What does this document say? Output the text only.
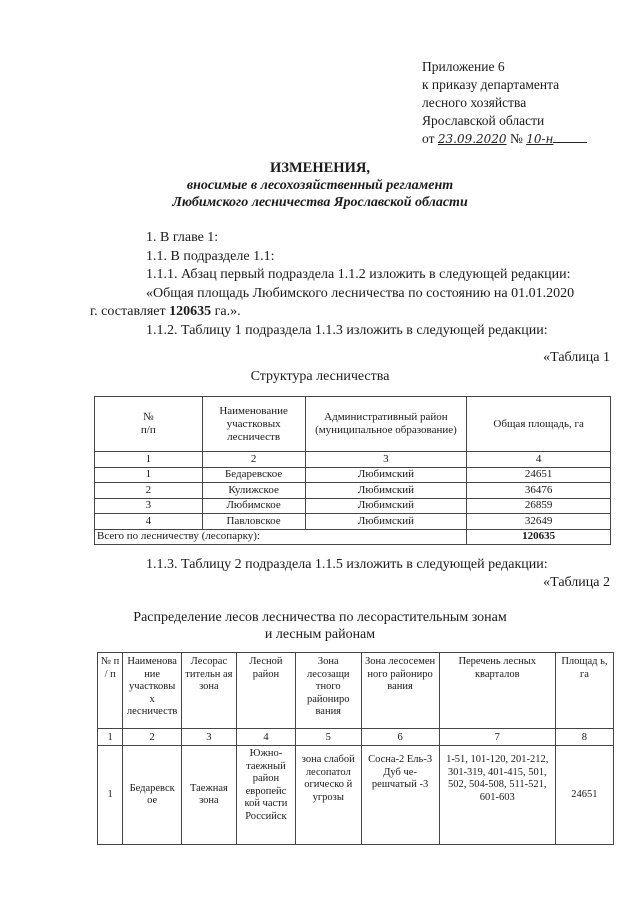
Приложение 6
к приказу департамента
лесного хозяйства
Ярославской области
от 23.09.2020 № 10-н
ИЗМЕНЕНИЯ,
вносимые в лесохозяйственный регламент
Любимского лесничества Ярославской области

1. В главе 1:

1.1. В подразделе 1.1:

1.1.1. Абзац первый подраздела 1.1.2 изложить в следующей редакции:

«Общая площадь Любимского лесничества по состоянию на 01.01.2020

г. составляет 120635 га.».

1.1.2. Таблицу 1 подраздела 1.1.3 изложить в следующей редакции:

«Таблица 1
Структура лесничества
№
п/п	Наименование участковых лесничеств	Административный район (муниципальное образование)	Общая площадь, га
1	2	3	4
1	Бедаревское	Любимский	24651
2	Кулижское	Любимский	36476
3	Любимское	Любимский	26859
4	Павловское	Любимский	32649
Всего по лесничеству (лесопарку):			120635
1.1.3. Таблицу 2 подраздела 1.1.5 изложить в следующей редакции:
«Таблица 2
Распределение лесов лесничества по лесорастительным зонам
и лесным районам
№ п / п	Наименова ние участковы х лесничеств	Лесорас тительн ая зона	Лесной район	Зона лесозащи тного районирo вания	Зона лесосемен ного районирo вания	Перечень лесных кварталов	Площад ь, га
1	2	3	4	5	6	7	8
1	Бедаревск ое	Таежная зона	Южно- таежный район европейс кой части Российск	зона слабой лесопатол огическо й угрозы	Сосна-2 Ель-3 Дуб че- решчатый -3	1-51, 101-120, 201-212, 301-319, 401-415, 501, 502, 504-508, 511-521, 601-603	24651
